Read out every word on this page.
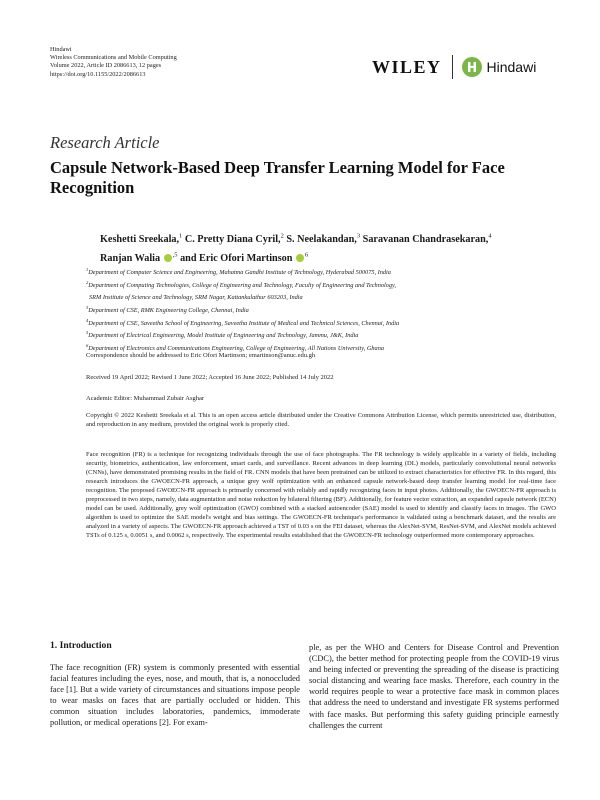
Hindawi
Wireless Communications and Mobile Computing
Volume 2022, Article ID 2086613, 12 pages
https://doi.org/10.1155/2022/2086613	WILEY	Hindawi
Research Article
Capsule Network-Based Deep Transfer Learning Model for Face Recognition
Keshetti Sreekala,$^1$ C. Pretty Diana Cyril,$^2$ S. Neelakandan,$^3$ Saravanan Chandrasekaran,$^4$
Ranjan Walia $^{,5}$ and Eric Ofori Martinson $^6$
$^1$Department of Computer Science and Engineering, Mahatma Gandhi Institute of Technology, Hyderabad 500075, India
$^2$Department of Computing Technologies, College of Engineering and Technology, Faculty of Engineering and Technology,
SRM Institute of Science and Technology, SRM Nagar, Kattankulathur 603203, India
$^3$Department of CSE, RMK Engineering College, Chennai, India
$^4$Department of CSE, Saveetha School of Engineering, Saveetha Institute of Medical and Technical Sciences, Chennai, India
$^5$Department of Electrical Engineering, Model Institute of Engineering and Technology, Jammu, J&K, India
$^6$Department of Electronics and Communications Engineering, College of Engineering, All Nations University, Ghana
Correspondence should be addressed to Eric Ofori Martinson; emartinson@anuc.edu.gh
Received 19 April 2022; Revised 1 June 2022; Accepted 16 June 2022; Published 14 July 2022
Academic Editor: Muhammad Zubair Asghar
Copyright © 2022 Keshetti Sreekala et al. This is an open access article distributed under the Creative Commons Attribution License, which permits unrestricted use, distribution, and reproduction in any medium, provided the original work is properly cited.
Face recognition (FR) is a technique for recognizing individuals through the use of face photographs. The FR technology is widely applicable in a variety of fields, including security, biometrics, authentication, law enforcement, smart cards, and surveillance. Recent advances in deep learning (DL) models, particularly convolutional neural networks (CNNs), have demonstrated promising results in the field of FR. CNN models that have been pretrained can be utilized to extract characteristics for effective FR. In this regard, this research introduces the GWOECN-FR approach, a unique grey wolf optimization with an enhanced capsule network-based deep transfer learning model for real-time face recognition. The proposed GWOECN-FR approach is primarily concerned with reliably and rapidly recognizing faces in input photos. Additionally, the GWOECN-FR approach is preprocessed in two steps, namely, data augmentation and noise reduction by bilateral filtering (BF). Additionally, for feature vector extraction, an expanded capsule network (ECN) model can be used. Additionally, grey wolf optimization (GWO) combined with a stacked autoencoder (SAE) model is used to identify and classify faces in images. The GWO algorithm is used to optimize the SAE model's weight and bias settings. The GWOECN-FR technique's performance is validated using a benchmark dataset, and the results are analyzed in a variety of aspects. The GWOECN-FR approach achieved a TST of 0.03 s on the FEI dataset, whereas the AlexNet-SVM, ResNet-SVM, and AlexNet models achieved TSTs of 0.125 s, 0.0051 s, and 0.0062 s, respectively. The experimental results established that the GWOECN-FR technology outperformed more contemporary approaches.
1. Introduction
The face recognition (FR) system is commonly presented with essential facial features including the eyes, nose, and mouth, that is, a nonoccluded face [1]. But a wide variety of circumstances and situations impose people to wear masks on faces that are partially occluded or hidden. This common situation includes laboratories, pandemics, immoderate pollution, or medical operations [2]. For exam-
ple, as per the WHO and Centers for Disease Control and Prevention (CDC), the better method for protecting people from the COVID-19 virus and being infected or preventing the spreading of the disease is practicing social distancing and wearing face masks. Therefore, each country in the world requires people to wear a protective face mask in common places that address the need to understand and investigate FR systems performed with face masks. But performing this safety guiding principle earnestly challenges the current
